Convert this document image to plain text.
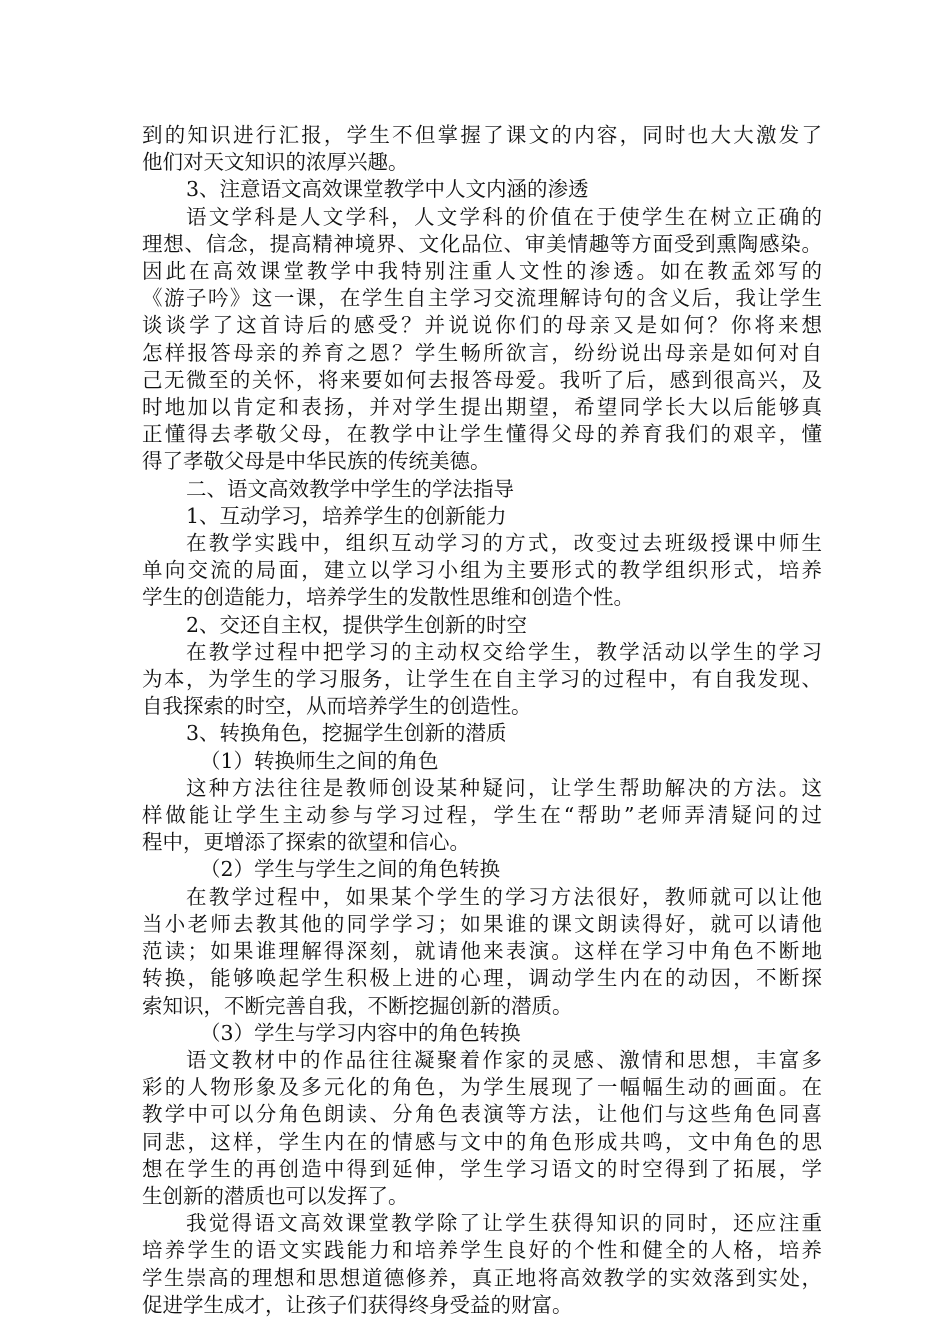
到的知识进行汇报，学生不但掌握了课文的内容，同时也大大激发了
他们对天文知识的浓厚兴趣。
3、注意语文高效课堂教学中人文内涵的渗透
语文学科是人文学科，人文学科的价值在于使学生在树立正确的
理想、信念，提高精神境界、文化品位、审美情趣等方面受到熏陶感染。
因此在高效课堂教学中我特别注重人文性的渗透。如在教孟郊写的
《游子吟》这一课，在学生自主学习交流理解诗句的含义后，我让学生
谈谈学了这首诗后的感受？并说说你们的母亲又是如何？你将来想
怎样报答母亲的养育之恩？学生畅所欲言，纷纷说出母亲是如何对自
己无微至的关怀，将来要如何去报答母爱。我听了后，感到很高兴，及
时地加以肯定和表扬，并对学生提出期望，希望同学长大以后能够真
正懂得去孝敬父母，在教学中让学生懂得父母的养育我们的艰辛，懂
得了孝敬父母是中华民族的传统美德。
二、语文高效教学中学生的学法指导
1、互动学习，培养学生的创新能力
在教学实践中，组织互动学习的方式，改变过去班级授课中师生
单向交流的局面，建立以学习小组为主要形式的教学组织形式，培养
学生的创造能力，培养学生的发散性思维和创造个性。
2、交还自主权，提供学生创新的时空
在教学过程中把学习的主动权交给学生，教学活动以学生的学习
为本，为学生的学习服务，让学生在自主学习的过程中，有自我发现、
自我探索的时空，从而培养学生的创造性。
3、转换角色，挖掘学生创新的潜质
（1）转换师生之间的角色
这种方法往往是教师创设某种疑问，让学生帮助解决的方法。这
样做能让学生主动参与学习过程，学生在“帮助”老师弄清疑问的过
程中，更增添了探索的欲望和信心。
（2）学生与学生之间的角色转换
在教学过程中，如果某个学生的学习方法很好，教师就可以让他
当小老师去教其他的同学学习；如果谁的课文朗读得好，就可以请他
范读；如果谁理解得深刻，就请他来表演。这样在学习中角色不断地
转换，能够唤起学生积极上进的心理，调动学生内在的动因，不断探
索知识，不断完善自我，不断挖掘创新的潜质。
（3）学生与学习内容中的角色转换
语文教材中的作品往往凝聚着作家的灵感、激情和思想，丰富多
彩的人物形象及多元化的角色，为学生展现了一幅幅生动的画面。在
教学中可以分角色朗读、分角色表演等方法，让他们与这些角色同喜
同悲，这样，学生内在的情感与文中的角色形成共鸣，文中角色的思
想在学生的再创造中得到延伸，学生学习语文的时空得到了拓展，学
生创新的潜质也可以发挥了。
我觉得语文高效课堂教学除了让学生获得知识的同时，还应注重
培养学生的语文实践能力和培养学生良好的个性和健全的人格，培养
学生崇高的理想和思想道德修养，真正地将高效教学的实效落到实处，
促进学生成才，让孩子们获得终身受益的财富。
